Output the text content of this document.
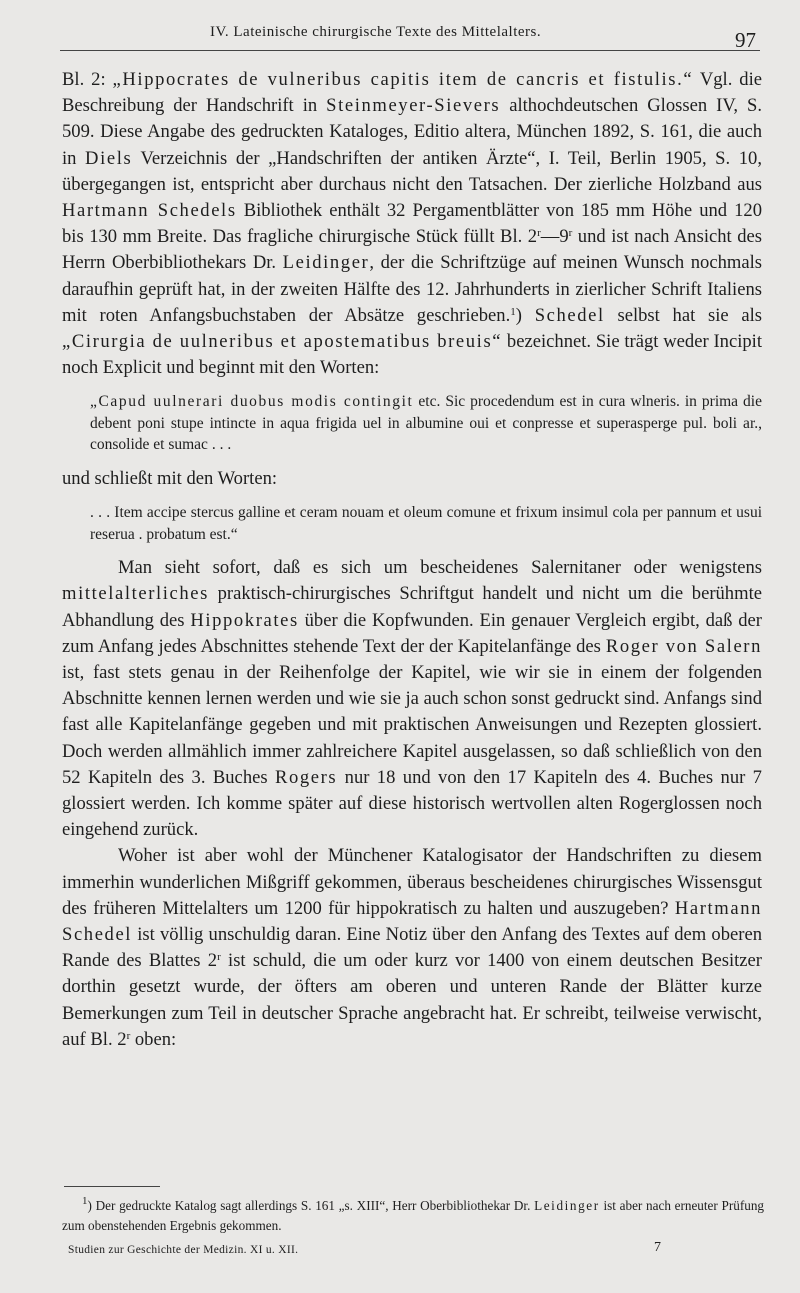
IV. Lateinische chirurgische Texte des Mittelalters.	97

Bl. 2: „Hippocrates de vulneribus capitis item de cancris et fistulis.“ Vgl. die Beschreibung der Handschrift in Steinmeyer-Sievers althochdeutschen Glossen IV, S. 509. Diese Angabe des gedruckten Kataloges, Editio altera, München 1892, S. 161, die auch in Diels Verzeichnis der „Handschriften der antiken Ärzte“, I. Teil, Berlin 1905, S. 10, übergegangen ist, entspricht aber durchaus nicht den Tatsachen. Der zierliche Holzband aus Hartmann Schedels Bibliothek enthält 32 Pergamentblätter von 185 mm Höhe und 120 bis 130 mm Breite. Das fragliche chirurgische Stück füllt Bl. 2$^r$—9$^r$ und ist nach Ansicht des Herrn Oberbibliothekars Dr. Leidinger, der die Schriftzüge auf meinen Wunsch nochmals daraufhin geprüft hat, in der zweiten Hälfte des 12. Jahrhunderts in zierlicher Schrift Italiens mit roten Anfangsbuchstaben der Absätze geschrieben.$^1$) Schedel selbst hat sie als „Cirurgia de uulneribus et apostematibus breuis“ bezeichnet. Sie trägt weder Incipit noch Explicit und beginnt mit den Worten:

„Capud uulnerari duobus modis contingit etc. Sic procedendum est in cura wlneris. in prima die debent poni stupe intincte in aqua frigida uel in albumine oui et conpresse et superasperge pul. boli ar., consolide et sumac . . .

und schließt mit den Worten:

. . . Item accipe stercus galline et ceram nouam et oleum comune et frixum insimul cola per pannum et usui reserua . probatum est.“

Man sieht sofort, daß es sich um bescheidenes Salernitaner oder wenigstens mittelalterliches praktisch-chirurgisches Schriftgut handelt und nicht um die berühmte Abhandlung des Hippokrates über die Kopfwunden. Ein genauer Vergleich ergibt, daß der zum Anfang jedes Abschnittes stehende Text der der Kapitelanfänge des Roger von Salern ist, fast stets genau in der Reihenfolge der Kapitel, wie wir sie in einem der folgenden Abschnitte kennen lernen werden und wie sie ja auch schon sonst gedruckt sind. Anfangs sind fast alle Kapitelanfänge gegeben und mit praktischen Anweisungen und Rezepten glossiert. Doch werden allmählich immer zahlreichere Kapitel ausgelassen, so daß schließlich von den 52 Kapiteln des 3. Buches Rogers nur 18 und von den 17 Kapiteln des 4. Buches nur 7 glossiert werden. Ich komme später auf diese historisch wertvollen alten Rogerglossen noch eingehend zurück.

Woher ist aber wohl der Münchener Katalogisator der Handschriften zu diesem immerhin wunderlichen Mißgriff gekommen, überaus bescheidenes chirurgisches Wissensgut des früheren Mittelalters um 1200 für hippokratisch zu halten und auszugeben? Hartmann Schedel ist völlig unschuldig daran. Eine Notiz über den Anfang des Textes auf dem oberen Rande des Blattes 2$^r$ ist schuld, die um oder kurz vor 1400 von einem deutschen Besitzer dorthin gesetzt wurde, der öfters am oberen und unteren Rande der Blätter kurze Bemerkungen zum Teil in deutscher Sprache angebracht hat. Er schreibt, teilweise verwischt, auf Bl. 2$^r$ oben:

$^1$) Der gedruckte Katalog sagt allerdings S. 161 „s. XIII“, Herr Oberbibliothekar Dr. Leidinger ist aber nach erneuter Prüfung zum obenstehenden Ergebnis gekommen.

Studien zur Geschichte der Medizin. XI u. XII.	7
